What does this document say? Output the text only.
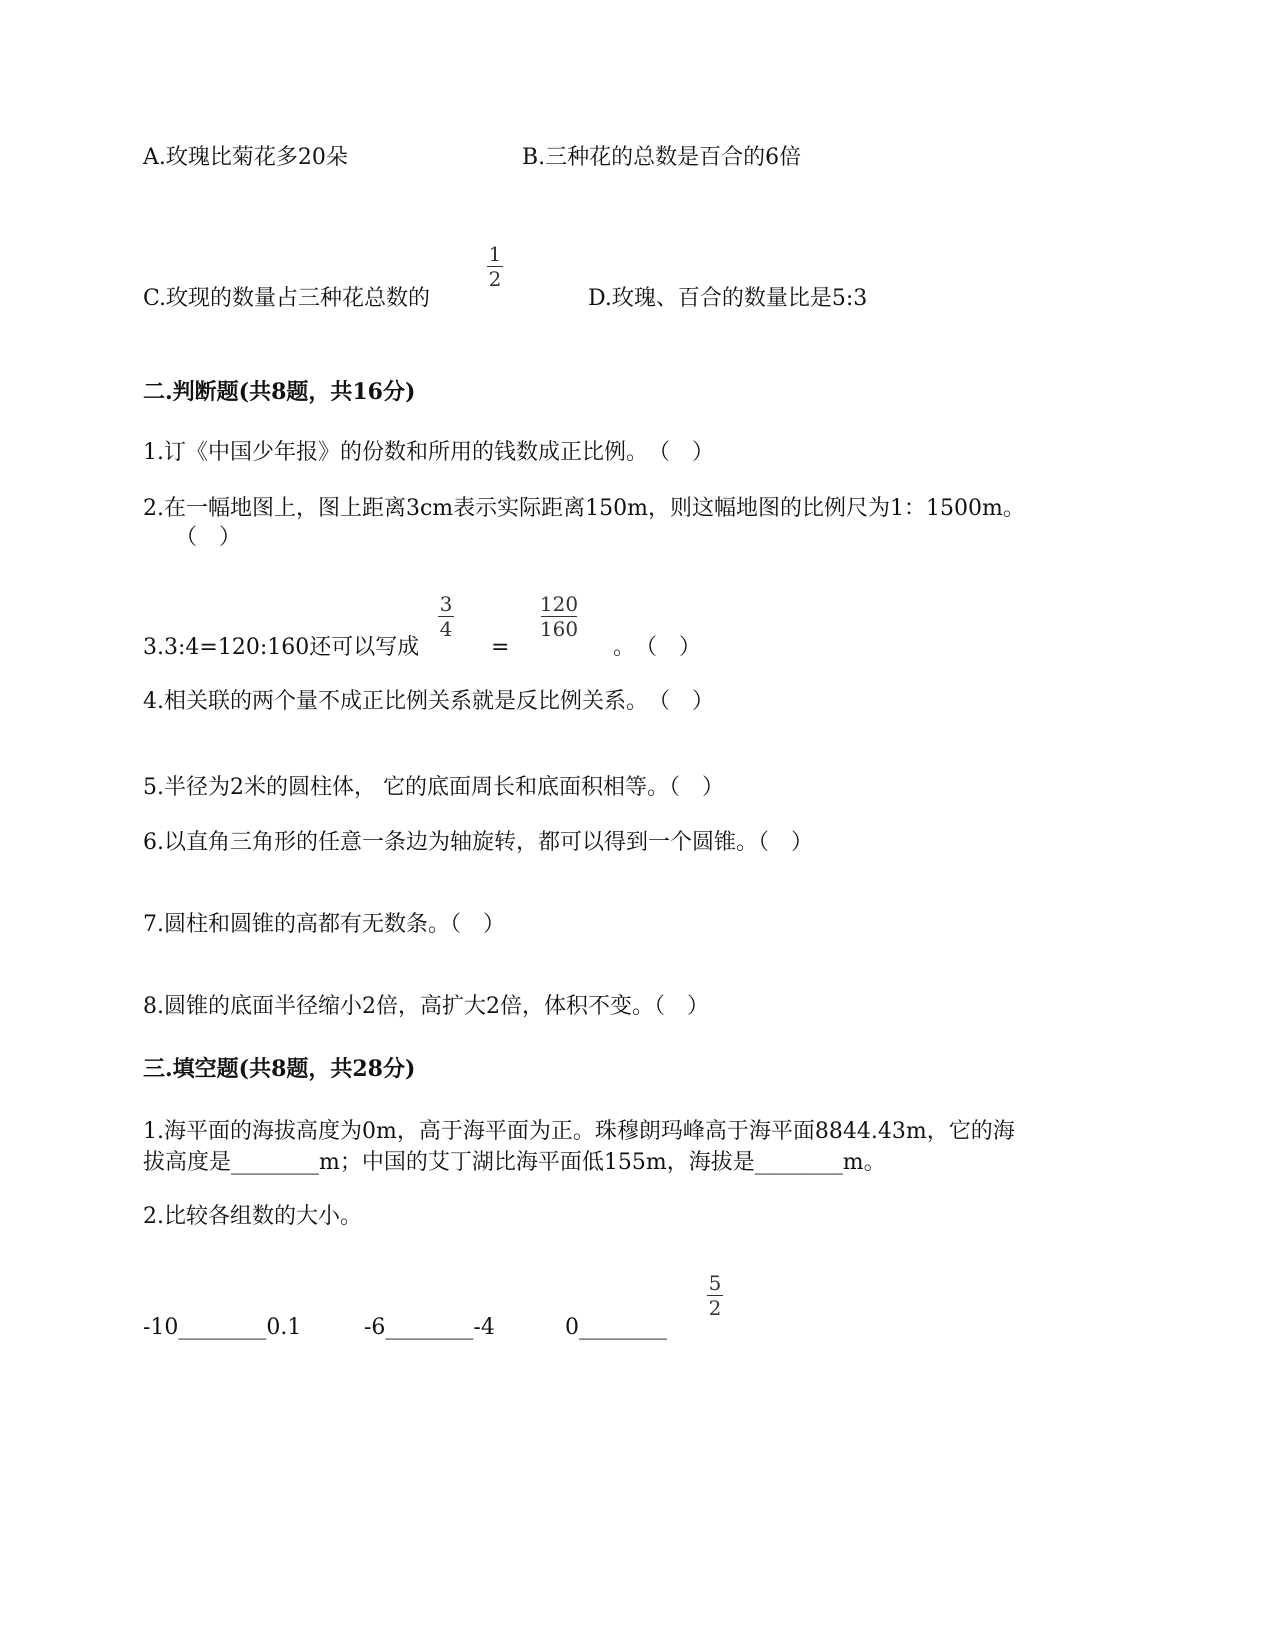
A.玫瑰比菊花多20朵	B.三种花的总数是百合的6倍
C.玫现的数量占三种花总数的
1
2
D.玫瑰、百合的数量比是5:3
二.判断题(共8题，共16分)
1.订《中国少年报》的份数和所用的钱数成正比例。　（　）
2.在一幅地图上，图上距离3cm表示实际距离150m，则这幅地图的比例尺为1：1500m。
（　）
3.3:4=120:160还可以写成
3
4
=
120
160
。　（　）
4.相关联的两个量不成正比例关系就是反比例关系。　（　）
5.半径为2米的圆柱体， 它的底面周长和底面积相等。（　）
6.以直角三角形的任意一条边为轴旋转，都可以得到一个圆锥。（　）
7.圆柱和圆锥的高都有无数条。（　）
8.圆锥的底面半径缩小2倍，高扩大2倍，体积不变。（　）
三.填空题(共8题，共28分)
1.海平面的海拔高度为0m，高于海平面为正。珠穆朗玛峰高于海平面8844.43m，它的海
拔高度是________m；中国的艾丁湖比海平面低155m，海拔是________m。
2.比较各组数的大小。
-10________0.1	-6________-4	0________
5
2
